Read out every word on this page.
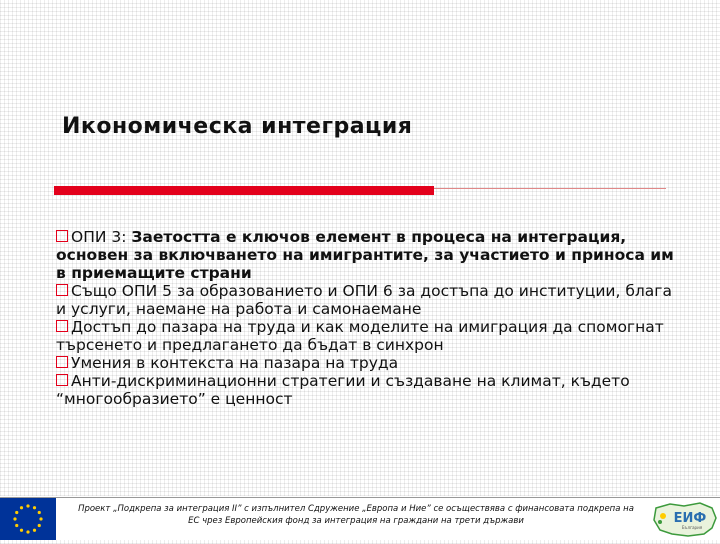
Икономическа интеграция
ОПИ 3: Заетостта е ключов елемент в процеса на интеграция, основен за включването на имигрантите, за участието и приноса им в приемащите страни
Също ОПИ 5 за образованието и ОПИ 6 за достъпа до институции, блага и услуги, наемане на работа и самонаемане
Достъп до пазара на труда и как моделите на имиграция да спомогнат търсенето и предлагането да бъдат в синхрон
Умения в контекста на пазара на труда
Анти-дискриминационни стратегии и създаване на климат, където “многообразието” е ценност
Проект „Подкрепа за интеграция II” с изпълнител Сдружение „Европа и Ние” се осъществява с финансовата подкрепа на
ЕС чрез Европейския фонд за интеграция на граждани на трети държави	ЕИФ
България
